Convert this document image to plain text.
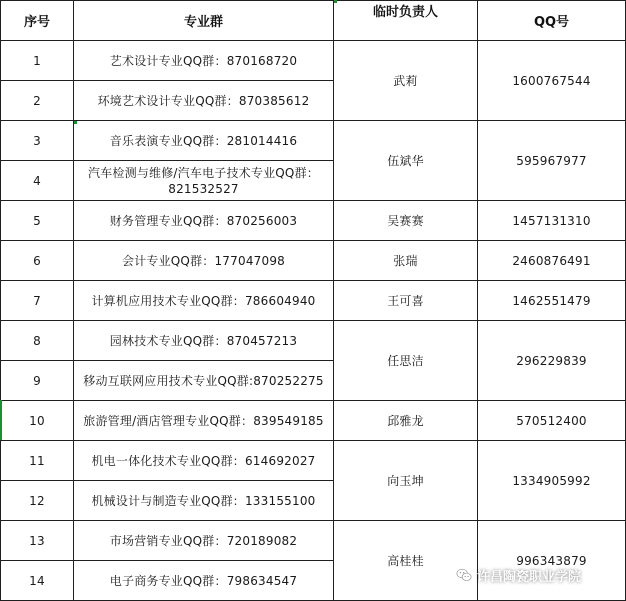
序号	专业群	临时负责人	QQ号
1	艺术设计专业QQ群：870168720	武莉	1600767544
2	环境艺术设计专业QQ群：870385612		
3	音乐表演专业QQ群：281014416	伍斌华	595967977
4	汽车检测与维修/汽车电子技术专业QQ群：821532527		
5	财务管理专业QQ群：870256003	吴赛赛	1457131310
6	会计专业QQ群：177047098	张瑞	2460876491
7	计算机应用技术专业QQ群：786604940	王可喜	1462551479
8	园林技术专业QQ群：870457213	任思洁	296229839
9	移动互联网应用技术专业QQ群:870252275		
10	旅游管理/酒店管理专业QQ群：839549185	邱雅龙	570512400
11	机电一体化技术专业QQ群：614692027	向玉坤	1334905992
12	机械设计与制造专业QQ群：133155100		
13	市场营销专业QQ群：720189082	高桂桂	996343879
14	电子商务专业QQ群：798634547			许昌陶瓷职业学院
